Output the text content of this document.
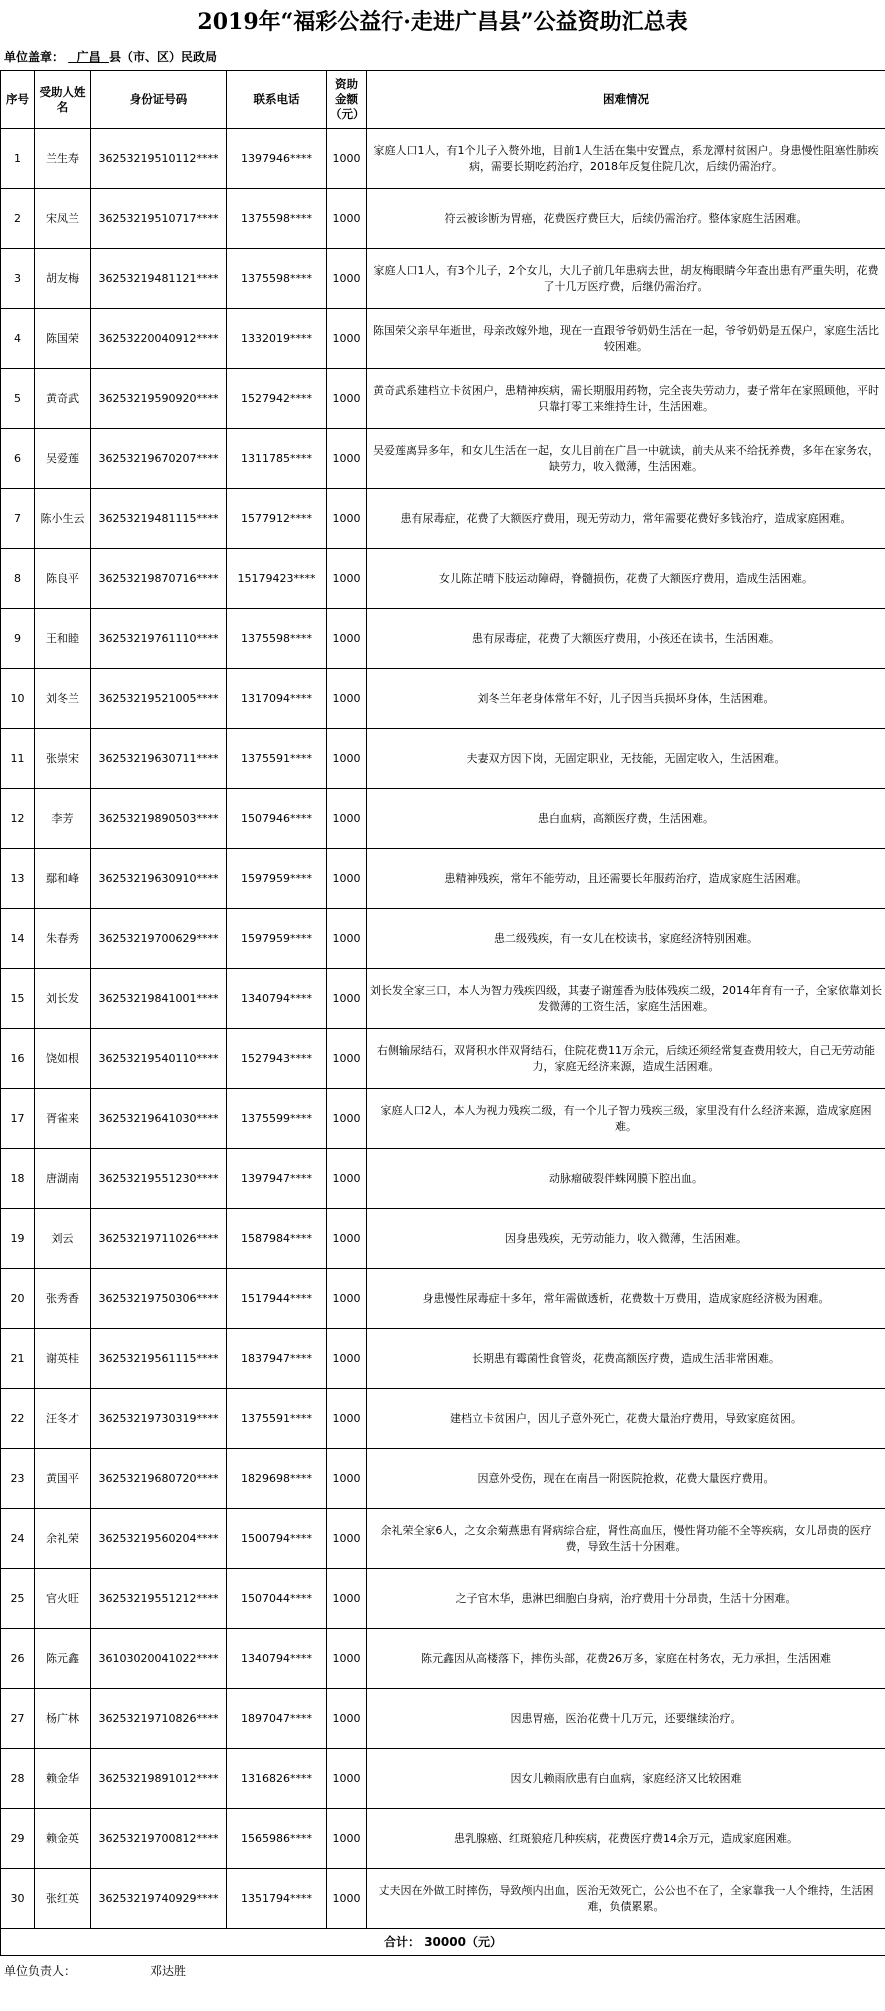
2019年“福彩公益行·走进广昌县”公益资助汇总表
单位盖章： 广昌 县（市、区）民政局
序号	受助人姓名	身份证号码	联系电话	资助金额（元）	困难情况
1	兰生寿	36253219510112****	1397946****	1000	家庭人口1人，有1个儿子入赘外地，目前1人生活在集中安置点，系龙潭村贫困户。身患慢性阻塞性肺疾病，需要长期吃药治疗，2018年反复住院几次，后续仍需治疗。
2	宋凤兰	36253219510717****	1375598****	1000	符云被诊断为胃癌，花费医疗费巨大，后续仍需治疗。整体家庭生活困难。
3	胡友梅	36253219481121****	1375598****	1000	家庭人口1人，有3个儿子，2个女儿，大儿子前几年患病去世，胡友梅眼睛今年查出患有严重失明，花费了十几万医疗费，后继仍需治疗。
4	陈国荣	36253220040912****	1332019****	1000	陈国荣父亲早年逝世，母亲改嫁外地，现在一直跟爷爷奶奶生活在一起，爷爷奶奶是五保户，家庭生活比较困难。
5	黄奇武	36253219590920****	1527942****	1000	黄奇武系建档立卡贫困户，患精神疾病，需长期服用药物，完全丧失劳动力，妻子常年在家照顾他，平时只靠打零工来维持生计，生活困难。
6	吴爱莲	36253219670207****	1311785****	1000	吴爱莲离异多年，和女儿生活在一起，女儿目前在广昌一中就读，前夫从来不给抚养费，多年在家务农，缺劳力，收入微薄，生活困难。
7	陈小生云	36253219481115****	1577912****	1000	患有尿毒症，花费了大额医疗费用，现无劳动力，常年需要花费好多钱治疗，造成家庭困难。
8	陈良平	36253219870716****	15179423****	1000	女儿陈芷晴下肢运动障碍，脊髓损伤，花费了大额医疗费用，造成生活困难。
9	王和睦	36253219761110****	1375598****	1000	患有尿毒症，花费了大额医疗费用，小孩还在读书，生活困难。
10	刘冬兰	36253219521005****	1317094****	1000	刘冬兰年老身体常年不好，儿子因当兵损坏身体，生活困难。
11	张崇宋	36253219630711****	1375591****	1000	夫妻双方因下岗，无固定职业，无技能，无固定收入，生活困难。
12	李芳	36253219890503****	1507946****	1000	患白血病，高额医疗费，生活困难。
13	鄢和峰	36253219630910****	1597959****	1000	患精神残疾，常年不能劳动，且还需要长年服药治疗，造成家庭生活困难。
14	朱春秀	36253219700629****	1597959****	1000	患二级残疾，有一女儿在校读书，家庭经济特别困难。
15	刘长发	36253219841001****	1340794****	1000	刘长发全家三口，本人为智力残疾四级，其妻子谢莲香为肢体残疾二级，2014年育有一子，全家依靠刘长发微薄的工资生活，家庭生活困难。
16	饶如根	36253219540110****	1527943****	1000	右侧输尿结石，双肾积水伴双肾结石，住院花费11万余元，后续还须经常复查费用较大，自己无劳动能力，家庭无经济来源，造成生活困难。
17	胥雀来	36253219641030****	1375599****	1000	家庭人口2人，本人为视力残疾二级，有一个儿子智力残疾三级，家里没有什么经济来源，造成家庭困难。
18	唐湖南	36253219551230****	1397947****	1000	动脉瘤破裂伴蛛网膜下腔出血。
19	刘云	36253219711026****	1587984****	1000	因身患残疾，无劳动能力，收入微薄，生活困难。
20	张秀香	36253219750306****	1517944****	1000	身患慢性尿毒症十多年，常年需做透析，花费数十万费用，造成家庭经济极为困难。
21	谢英桂	36253219561115****	1837947****	1000	长期患有霉菌性食管炎，花费高额医疗费，造成生活非常困难。
22	汪冬才	36253219730319****	1375591****	1000	建档立卡贫困户，因儿子意外死亡，花费大量治疗费用，导致家庭贫困。
23	黄国平	36253219680720****	1829698****	1000	因意外受伤，现在在南昌一附医院抢救，花费大量医疗费用。
24	余礼荣	36253219560204****	1500794****	1000	余礼荣全家6人，之女余菊燕患有肾病综合症，肾性高血压，慢性肾功能不全等疾病，女儿昂贵的医疗费，导致生活十分困难。
25	官火旺	36253219551212****	1507044****	1000	之子官木华，患淋巴细胞白身病，治疗费用十分昂贵，生活十分困难。
26	陈元鑫	36103020041022****	1340794****	1000	陈元鑫因从高楼落下，摔伤头部，花费26万多，家庭在村务农，无力承担，生活困难
27	杨广林	36253219710826****	1897047****	1000	因患胃癌，医治花费十几万元，还要继续治疗。
28	赖金华	36253219891012****	1316826****	1000	因女儿赖雨欣患有白血病，家庭经济又比较困难
29	赖金英	36253219700812****	1565986****	1000	患乳腺癌、红斑狼疮几种疾病，花费医疗费14余万元，造成家庭困难。
30	张红英	36253219740929****	1351794****	1000	丈夫因在外做工时摔伤，导致颅内出血，医治无效死亡，公公也不在了，全家靠我一人个维持，生活困难，负债累累。
合计： 30000（元）					
单位负责人：	邓达胜
